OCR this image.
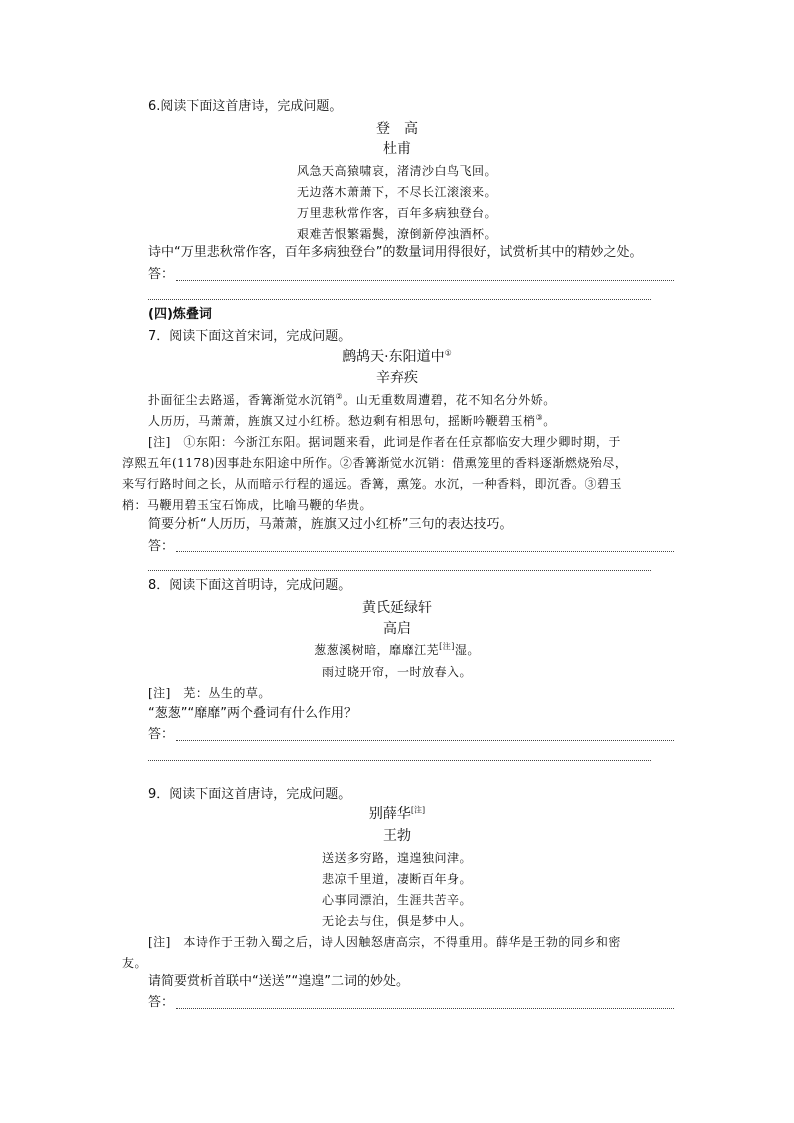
6.阅读下面这首唐诗，完成问题。
登　高
杜甫
风急天高猿啸哀，渚清沙白鸟飞回。
无边落木萧萧下，不尽长江滚滚来。
万里悲秋常作客，百年多病独登台。
艰难苦恨繁霜鬓，潦倒新停浊酒杯。
诗中“万里悲秋常作客，百年多病独登台”的数量词用得很好，试赏析其中的精妙之处。
答：
(四)炼叠词
7．阅读下面这首宋词，完成问题。
鹧鸪天·东阳道中①
辛弃疾
扑面征尘去路遥，香篝渐觉水沉销②。山无重数周遭碧，花不知名分外娇。
人历历，马萧萧，旌旗又过小红桥。愁边剩有相思句，摇断吟鞭碧玉梢③。
[注]　①东阳：今浙江东阳。据词题来看，此词是作者在任京都临安大理少卿时期，于
淳熙五年(1178)因事赴东阳途中所作。②香篝渐觉水沉销：借熏笼里的香料逐渐燃烧殆尽，
来写行路时间之长，从而暗示行程的遥远。香篝，熏笼。水沉，一种香料，即沉香。③碧玉
梢：马鞭用碧玉宝石饰成，比喻马鞭的华贵。
简要分析“人历历，马萧萧，旌旗又过小红桥”三句的表达技巧。
答：
8．阅读下面这首明诗，完成问题。
黄氏延绿轩
高启
葱葱溪树暗，靡靡江芜[注]湿。
雨过晓开帘，一时放春入。
[注]　芜：丛生的草。
“葱葱”“靡靡”两个叠词有什么作用？
答：
9．阅读下面这首唐诗，完成问题。
别薛华[注]
王勃
送送多穷路，遑遑独问津。
悲凉千里道，凄断百年身。
心事同漂泊，生涯共苦辛。
无论去与住，俱是梦中人。
[注]　本诗作于王勃入蜀之后，诗人因触怒唐高宗，不得重用。薛华是王勃的同乡和密
友。
请简要赏析首联中“送送”“遑遑”二词的妙处。
答：
